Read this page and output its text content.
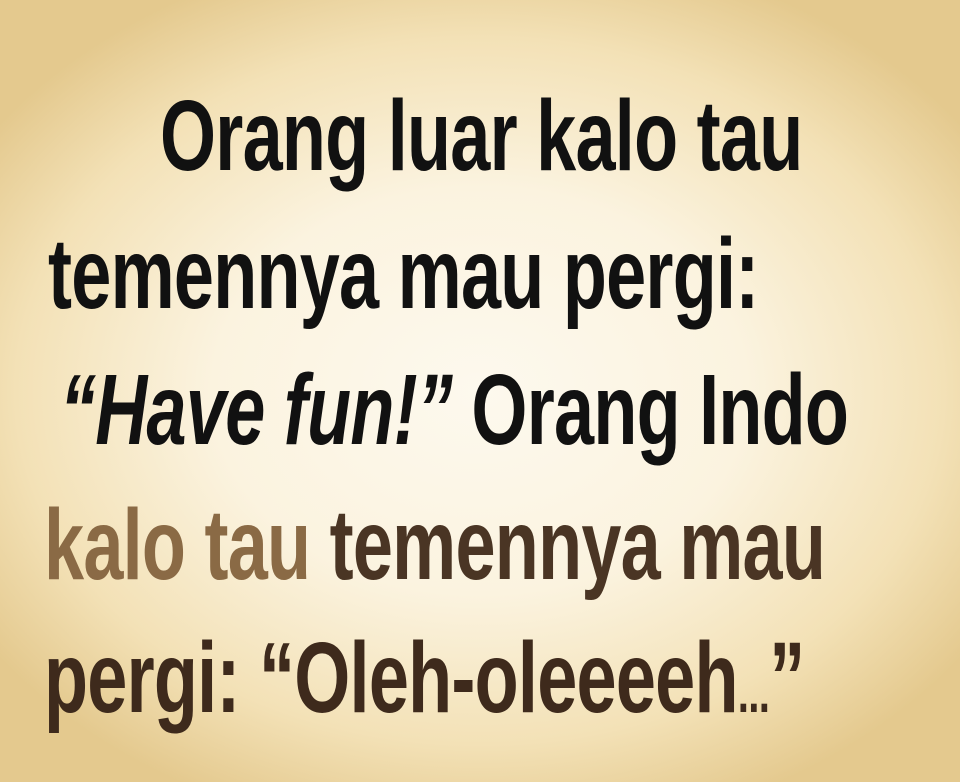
Orang luar kalo tau
temennya mau pergi:
“Have fun!” Orang Indo
kalo tau temennya mau
pergi: “Oleh-oleeeeh...”
